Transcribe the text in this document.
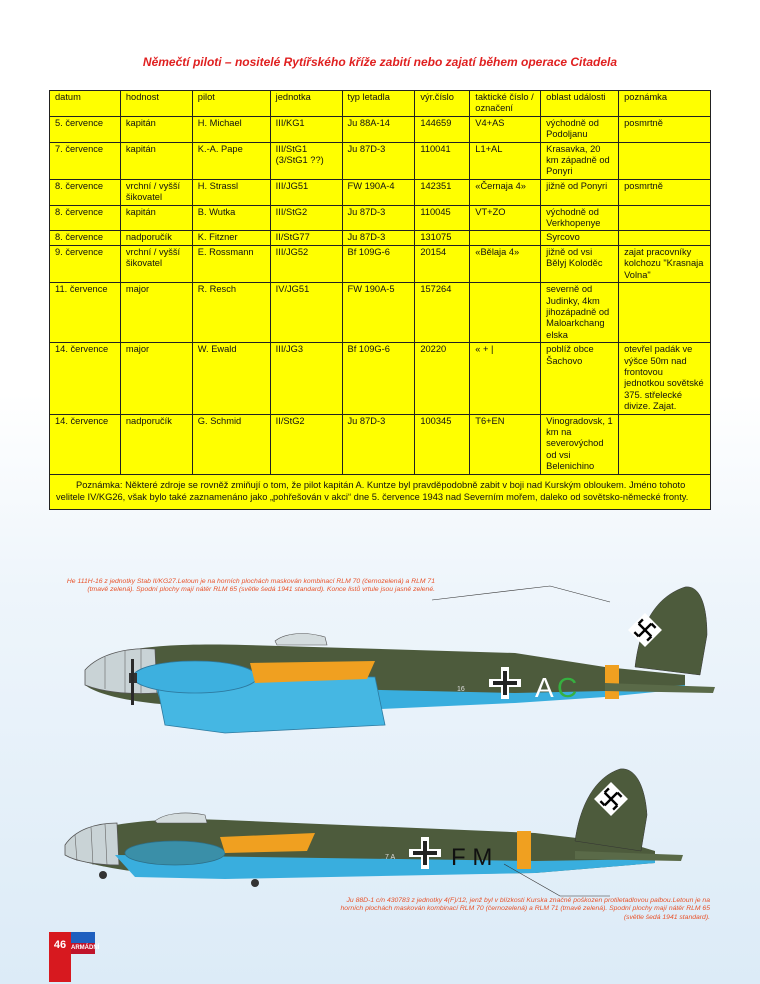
Němečtí piloti – nositelé Rytířského kříže zabití nebo zajatí během operace Citadela
datum	hodnost	pilot	jednotka	typ letadla	výr.číslo	taktické číslo / označení	oblast události	poznámka
5. července	kapitán	H. Michael	III/KG1	Ju 88A-14	144659	V4+AS	východně od Podoljanu	posmrtně
7. července	kapitán	K.-A. Pape	III/StG1 (3/StG1 ??)	Ju 87D-3	110041	L1+AL	Krasavka, 20 km západně od Ponyri	
8. července	vrchní / vyšší šikovatel	H. Strassl	III/JG51	FW 190A-4	142351	«Černaja 4»	jižně od Ponyri	posmrtně
8. července	kapitán	B. Wutka	III/StG2	Ju 87D-3	110045	VT+ZO	východně od Verkhopenye	
8. července	nadporučík	K. Fitzner	II/StG77	Ju 87D-3	131075		Syrcovo	
9. července	vrchní / vyšší šikovatel	E. Rossmann	III/JG52	Bf 109G-6	20154	«Bělaja 4»	jižně od vsi Bělyj Koloděc	zajat pracovníky kolchozu "Krasnaja Volna"
11. července	major	R. Resch	IV/JG51	FW 190A-5	157264		severně od Judinky, 4km jihozápadně od Maloarkchang elska	
14. července	major	W. Ewald	III/JG3	Bf 109G-6	20220	« + |	poblíž obce Šachovo	otevřel padák ve výšce 50m nad frontovou jednotkou sovětské 375. střelecké divize. Zajat.
14. července	nadporučík	G. Schmid	II/StG2	Ju 87D-3	100345	T6+EN	Vinogradovsk, 1 km na severovýchod od vsi Belenichino	
Poznámka: Některé zdroje se rovněž zmiňují o tom, že pilot kapitán A. Kuntze byl pravděpodobně zabit v boji nad Kurským obloukem. Jméno tohoto velitele IV/KG26, však bylo také zaznamenáno jako „pohřešován v akci“ dne 5. července 1943 nad Severním mořem, daleko od sovětsko-německé fronty.								
He 111H-16 z jednotky Stab II/KG27.Letoun je na horních plochách maskován kombinací RLM 70 (černozelená) a RLM 71 (tmavě zelená). Spodní plochy mají nátěr RLM 65 (světle šedá 1941 standard). Konce listů vrtule jsou jasně zelené.
A C
16
F M
7 A
Ju 88D-1 c/n 430783 z jednotky 4(F)/12, jenž byl v blízkosti Kurska značně poškozen protiletadlovou palbou.Letoun je na horních plochách maskován kombinací RLM 70 (černozelená) a RLM 71 (tmavě zelená). Spodní plochy mají nátěr RLM 65 (světle šedá 1941 standard).
46 ARMÁDNÍ
